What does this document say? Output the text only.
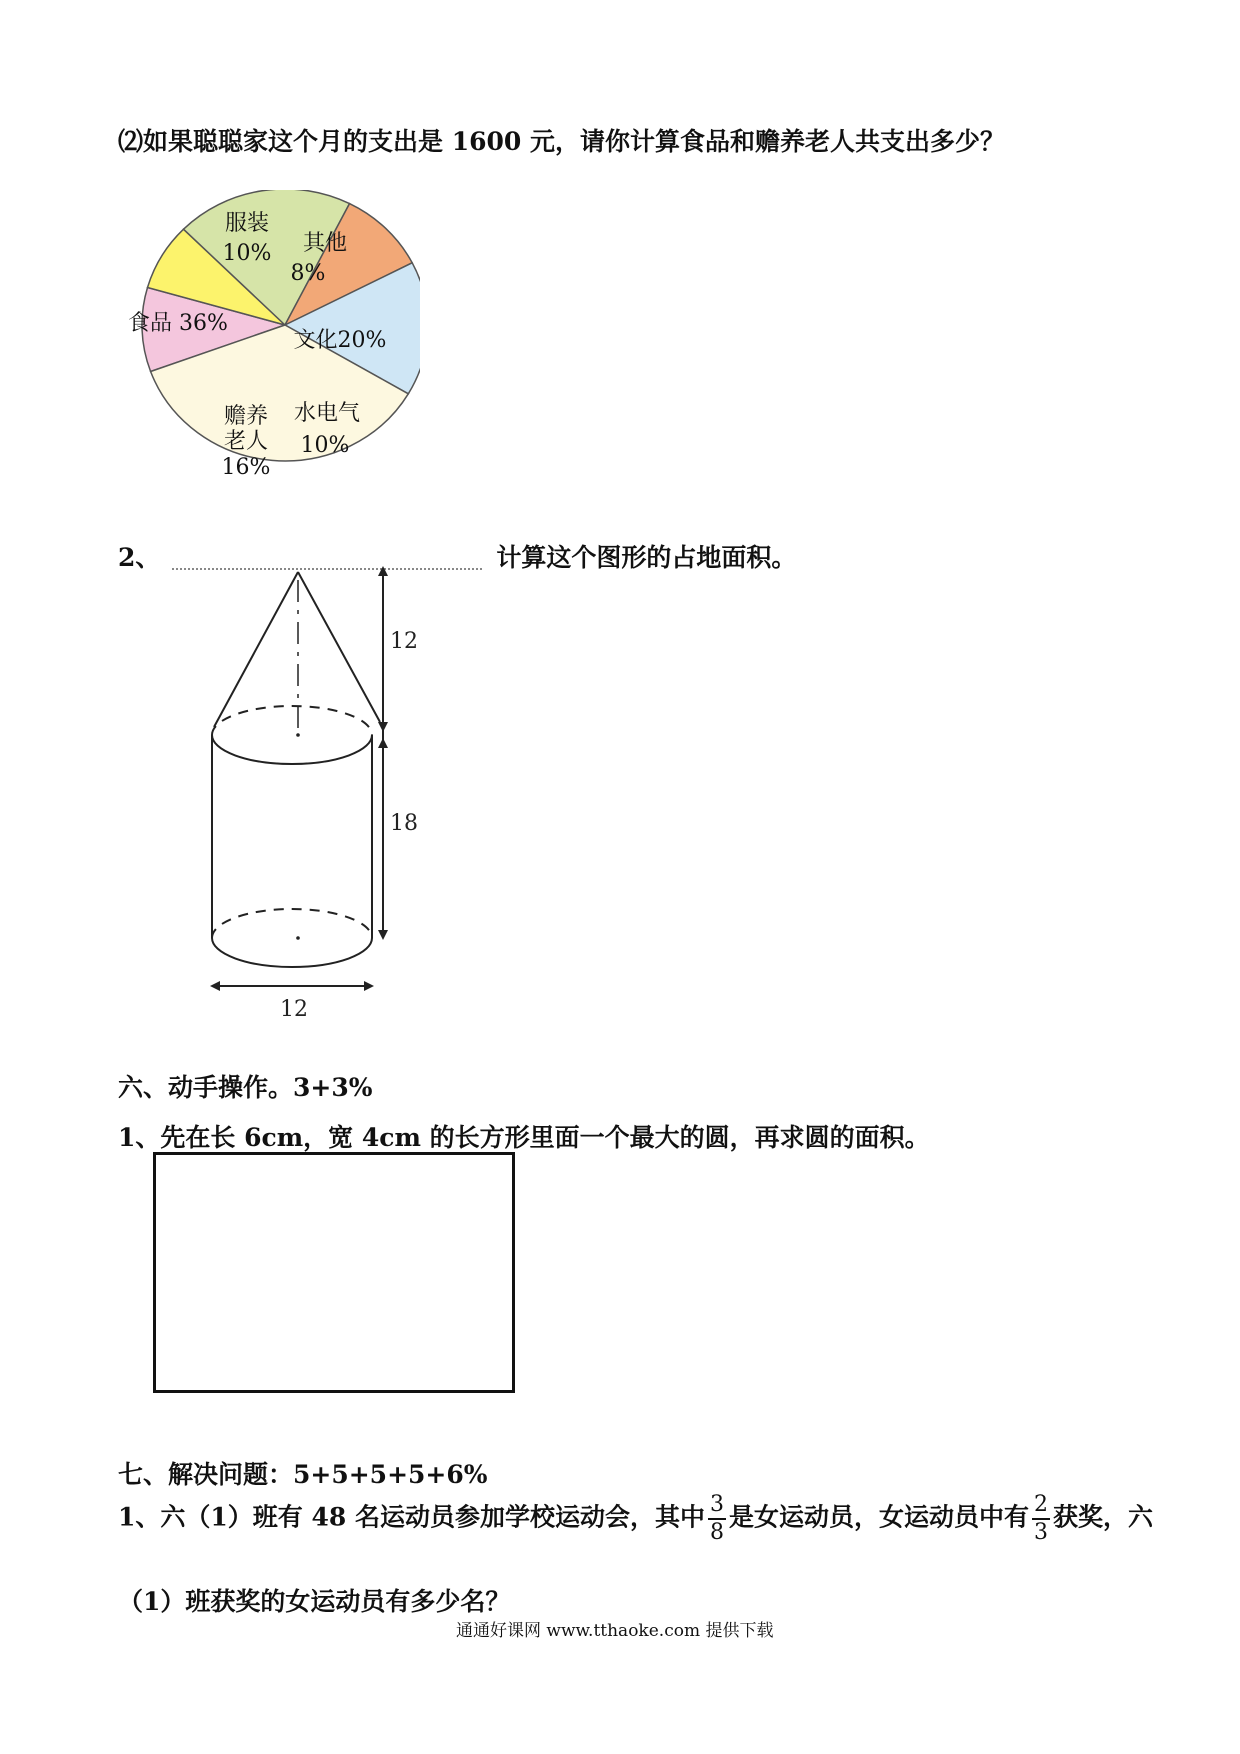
⑵如果聪聪家这个月的支出是 1600 元，请你计算食品和赡养老人共支出多少？
服装
10% 其他
8%
文化20%
水电气
10%
赡养
老人
16%
食品 36%
2、	计算这个图形的占地面积。
12
18
12
六、动手操作。3+3%
1、先在长 6cm，宽 4cm 的长方形里面一个最大的圆，再求圆的面积。
七、解决问题：5+5+5+5+6%
1、六（1）班有 48 名运动员参加学校运动会，其中 $\frac{3}{8}$ 是女运动员，女运动员中有 $\frac{2}{3}$ 获奖，六
（1）班获奖的女运动员有多少名？
通通好课网 www.tthaoke.com 提供下载
